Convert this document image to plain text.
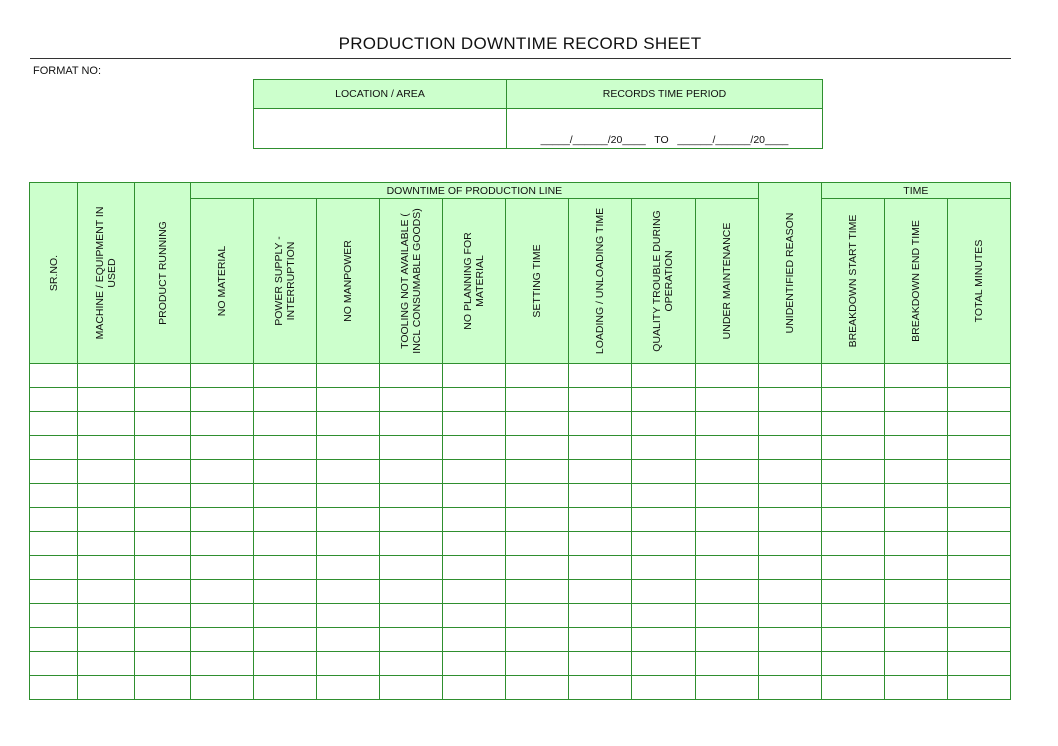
PRODUCTION DOWNTIME RECORD SHEET
FORMAT NO:
LOCATION / AREA	RECORDS TIME PERIOD

	_____/______/20____   TO   ______/______/20____
SR.NO.	MACHINE / EQUIPMENT IN USED	PRODUCT RUNNING	DOWNTIME OF PRODUCTION LINE									UNIDENTIFIED REASON	TIME		

			NO MATERIAL	POWER SUPPLY - INTERRUPTION	NO MANPOWER	TOOLING NOT AVAILABLE ( INCL CONSUMABLE GOODS)	NO PLANNING FOR MATERIAL	SETTING TIME	LOADING / UNLOADING TIME	QUALITY TROUBLE DURING OPERATION	UNDER MAINTENANCE		BREAKDOWN START TIME	BREAKDOWN END TIME	TOTAL MINUTES
